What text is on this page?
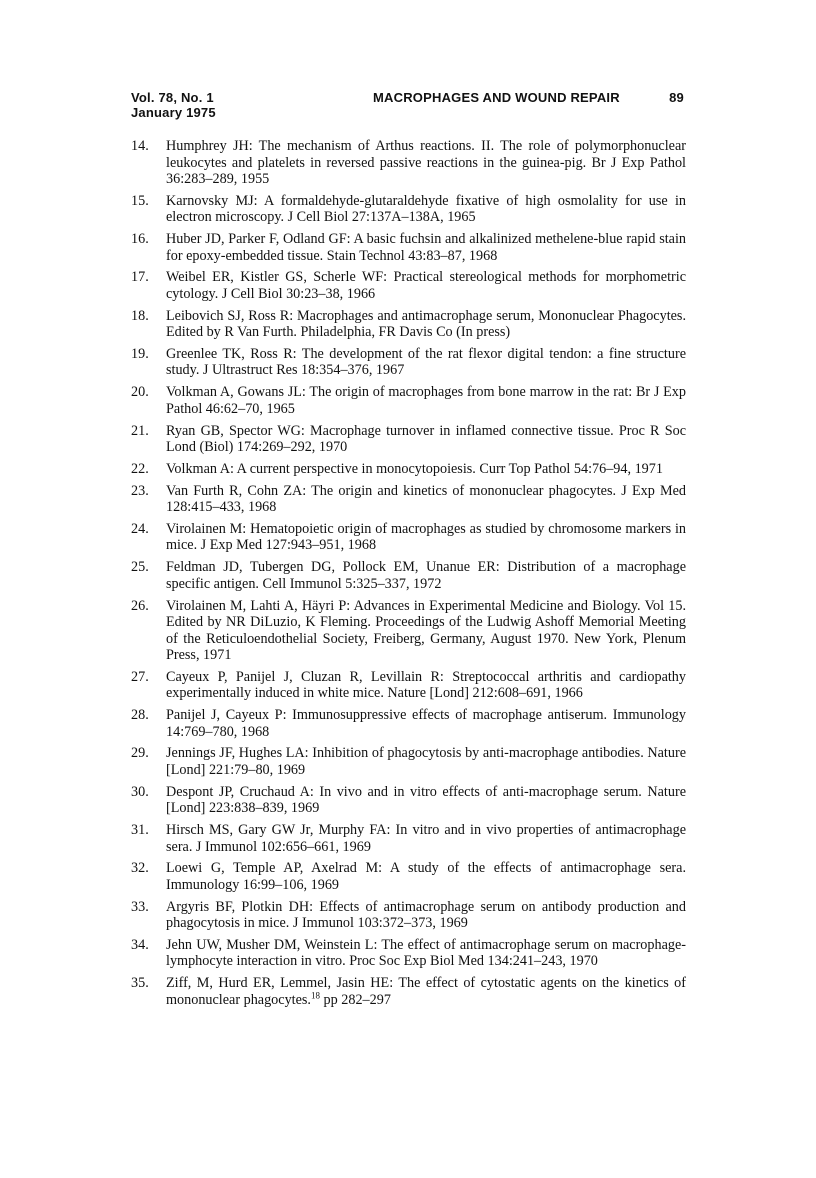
Vol. 78, No. 1
January 1975
MACROPHAGES AND WOUND REPAIR	89
14.	Humphrey JH: The mechanism of Arthus reactions. II. The role of polymorphonuclear leukocytes and platelets in reversed passive reactions in the guinea-pig. Br J Exp Pathol 36:283–289, 1955
15.	Karnovsky MJ: A formaldehyde-glutaraldehyde fixative of high osmolality for use in electron microscopy. J Cell Biol 27:137A–138A, 1965
16.	Huber JD, Parker F, Odland GF: A basic fuchsin and alkalinized methelene-blue rapid stain for epoxy-embedded tissue. Stain Technol 43:83–87, 1968
17.	Weibel ER, Kistler GS, Scherle WF: Practical stereological methods for morphometric cytology. J Cell Biol 30:23–38, 1966
18.	Leibovich SJ, Ross R: Macrophages and antimacrophage serum, Mononuclear Phagocytes. Edited by R Van Furth. Philadelphia, FR Davis Co (In press)
19.	Greenlee TK, Ross R: The development of the rat flexor digital tendon: a fine structure study. J Ultrastruct Res 18:354–376, 1967
20.	Volkman A, Gowans JL: The origin of macrophages from bone marrow in the rat: Br J Exp Pathol 46:62–70, 1965
21.	Ryan GB, Spector WG: Macrophage turnover in inflamed connective tissue. Proc R Soc Lond (Biol) 174:269–292, 1970
22.	Volkman A: A current perspective in monocytopoiesis. Curr Top Pathol 54:76–94, 1971
23.	Van Furth R, Cohn ZA: The origin and kinetics of mononuclear phagocytes. J Exp Med 128:415–433, 1968
24.	Virolainen M: Hematopoietic origin of macrophages as studied by chromosome markers in mice. J Exp Med 127:943–951, 1968
25.	Feldman JD, Tubergen DG, Pollock EM, Unanue ER: Distribution of a macrophage specific antigen. Cell Immunol 5:325–337, 1972
26.	Virolainen M, Lahti A, Häyri P: Advances in Experimental Medicine and Biology. Vol 15. Edited by NR DiLuzio, K Fleming. Proceedings of the Ludwig Ashoff Memorial Meeting of the Reticuloendothelial Society, Freiberg, Germany, August 1970. New York, Plenum Press, 1971
27.	Cayeux P, Panijel J, Cluzan R, Levillain R: Streptococcal arthritis and cardiopathy experimentally induced in white mice. Nature [Lond] 212:608–691, 1966
28.	Panijel J, Cayeux P: Immunosuppressive effects of macrophage antiserum. Immunology 14:769–780, 1968
29.	Jennings JF, Hughes LA: Inhibition of phagocytosis by anti-macrophage antibodies. Nature [Lond] 221:79–80, 1969
30.	Despont JP, Cruchaud A: In vivo and in vitro effects of anti-macrophage serum. Nature [Lond] 223:838–839, 1969
31.	Hirsch MS, Gary GW Jr, Murphy FA: In vitro and in vivo properties of antimacrophage sera. J Immunol 102:656–661, 1969
32.	Loewi G, Temple AP, Axelrad M: A study of the effects of antimacrophage sera. Immunology 16:99–106, 1969
33.	Argyris BF, Plotkin DH: Effects of antimacrophage serum on antibody production and phagocytosis in mice. J Immunol 103:372–373, 1969
34.	Jehn UW, Musher DM, Weinstein L: The effect of antimacrophage serum on macrophage-lymphocyte interaction in vitro. Proc Soc Exp Biol Med 134:241–243, 1970
35.	Ziff, M, Hurd ER, Lemmel, Jasin HE: The effect of cytostatic agents on the kinetics of mononuclear phagocytes.$^{18}$ pp 282–297
